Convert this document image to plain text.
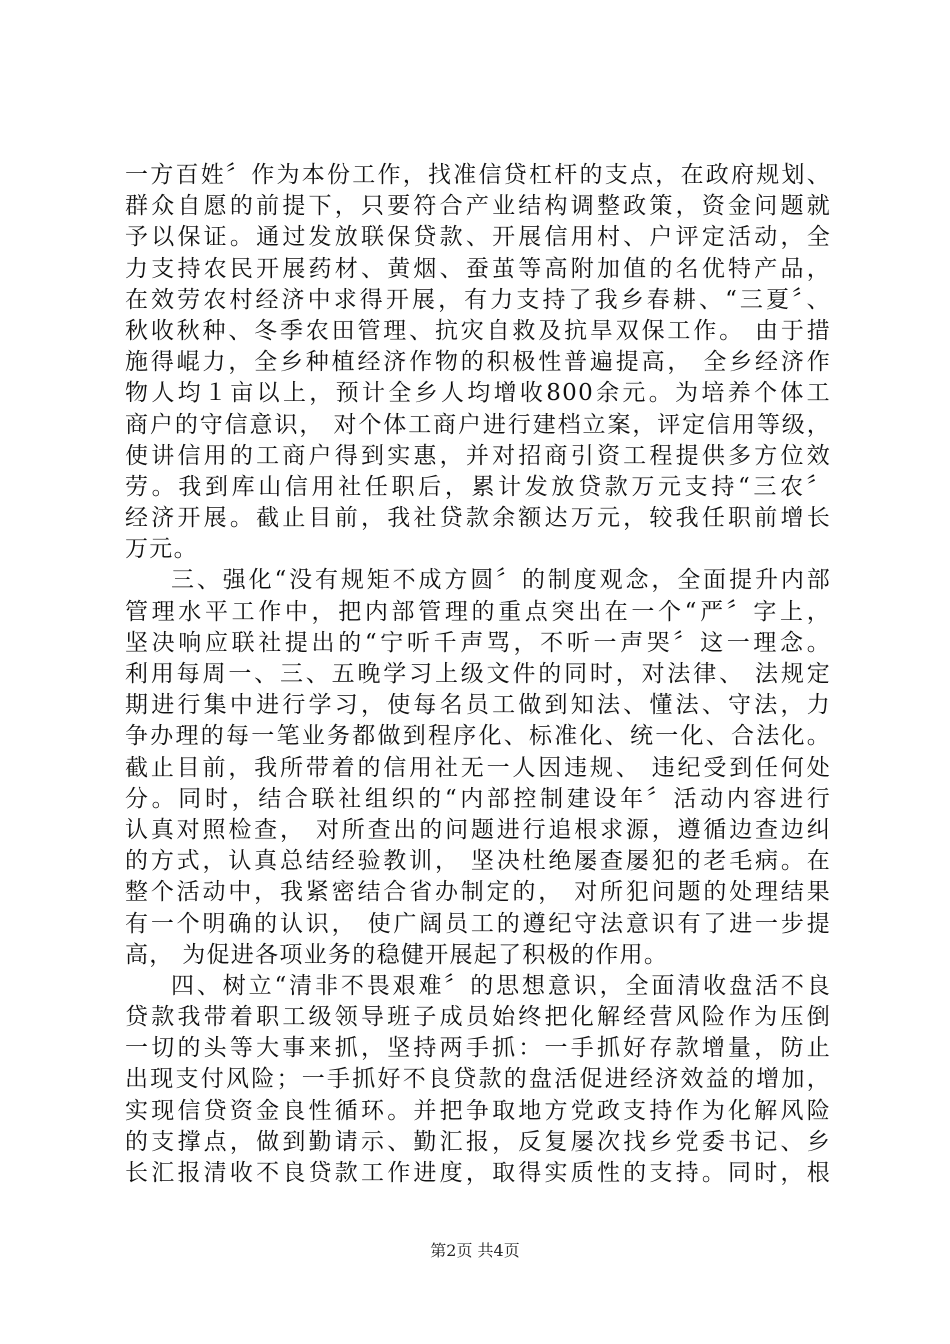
一方百姓〞作为本份工作，找准信贷杠杆的支点，在政府规划、
群众自愿的前提下，只要符合产业结构调整政策，资金问题就
予以保证。通过发放联保贷款、开展信用村、户评定活动，全
力支持农民开展药材、黄烟、蚕茧等高附加值的名优特产品，
在效劳农村经济中求得开展，有力支持了我乡春耕、“三夏〞、
秋收秋种、冬季农田管理、抗灾自救及抗旱双保工作。 由于措
施得崐力，全乡种植经济作物的积极性普遍提高， 全乡经济作
物人均１亩以上，预计全乡人均增收800余元。为培养个体工
商户的守信意识， 对个体工商户进行建档立案，评定信用等级，
使讲信用的工商户得到实惠，并对招商引资工程提供多方位效
劳。我到库山信用社任职后，累计发放贷款万元支持“三农〞
经济开展。截止目前，我社贷款余额达万元，较我任职前增长
万元。
三、强化“没有规矩不成方圆〞的制度观念，全面提升内部
管理水平工作中，把内部管理的重点突出在一个“严〞字上，
坚决响应联社提出的“宁听千声骂，不听一声哭〞这一理念。
利用每周一、三、五晚学习上级文件的同时，对法律、 法规定
期进行集中进行学习，使每名员工做到知法、懂法、守法，力
争办理的每一笔业务都做到程序化、标准化、统一化、合法化。
截止目前，我所带着的信用社无一人因违规、 违纪受到任何处
分。同时，结合联社组织的“内部控制建设年〞活动内容进行
认真对照检查， 对所查出的问题进行追根求源，遵循边查边纠
的方式，认真总结经验教训， 坚决杜绝屡查屡犯的老毛病。在
整个活动中，我紧密结合省办制定的， 对所犯问题的处理结果
有一个明确的认识， 使广阔员工的遵纪守法意识有了进一步提
高， 为促进各项业务的稳健开展起了积极的作用。
四、树立“清非不畏艰难〞的思想意识，全面清收盘活不良
贷款我带着职工级领导班子成员始终把化解经营风险作为压倒
一切的头等大事来抓，坚持两手抓：一手抓好存款增量，防止
出现支付风险；一手抓好不良贷款的盘活促进经济效益的增加，
实现信贷资金良性循环。并把争取地方党政支持作为化解风险
的支撑点，做到勤请示、勤汇报，反复屡次找乡党委书记、乡
长汇报清收不良贷款工作进度，取得实质性的支持。同时，根
第2页 共4页
